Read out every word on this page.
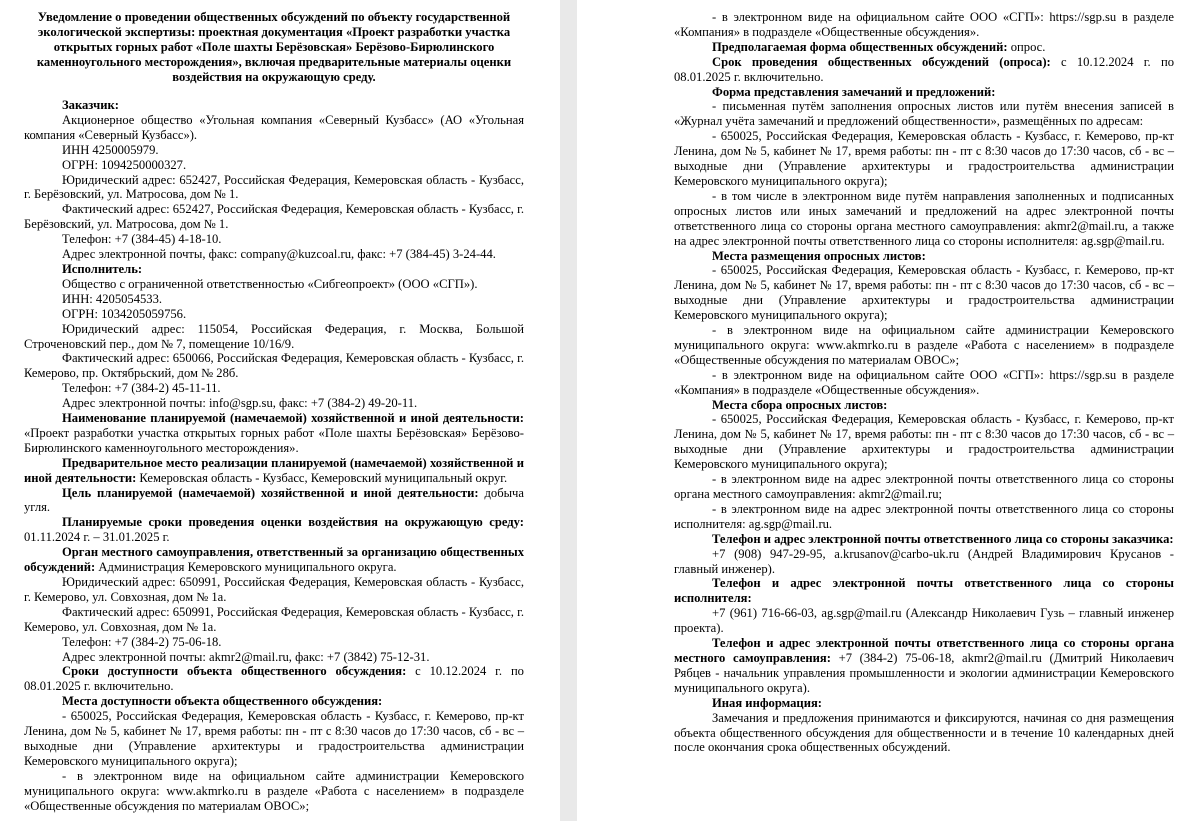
Уведомление о проведении общественных обсуждений по объекту государственной экологической экспертизы: проектная документация «Проект разработки участка открытых горных работ «Поле шахты Берёзовская» Берёзово-Бирюлинского каменноугольного месторождения», включая предварительные материалы оценки воздействия на окружающую среду.

Заказчик:

Акционерное общество «Угольная компания «Северный Кузбасс» (АО «Угольная компания «Северный Кузбасс»).

ИНН 4250005979.

ОГРН: 1094250000327.

Юридический адрес: 652427, Российская Федерация, Кемеровская область - Кузбасс, г. Берёзовский, ул. Матросова, дом № 1.

Фактический адрес: 652427, Российская Федерация, Кемеровская область - Кузбасс, г. Берёзовский, ул. Матросова, дом № 1.

Телефон: +7 (384-45) 4-18-10.

Адрес электронной почты, факс: company@kuzcoal.ru, факс: +7 (384-45) 3-24-44.

Исполнитель:

Общество с ограниченной ответственностью «Сибгеопроект» (ООО «СГП»).

ИНН: 4205054533.

ОГРН: 1034205059756.

Юридический адрес: 115054, Российская Федерация, г. Москва, Большой Строченовский пер., дом № 7, помещение 10/16/9.

Фактический адрес: 650066, Российская Федерация, Кемеровская область - Кузбасс, г. Кемерово, пр. Октябрьский, дом № 28б.

Телефон: +7 (384-2) 45-11-11.

Адрес электронной почты: info@sgp.su, факс: +7 (384-2) 49-20-11.

Наименование планируемой (намечаемой) хозяйственной и иной деятельности: «Проект разработки участка открытых горных работ «Поле шахты Берёзовская» Берёзово-Бирюлинского каменноугольного месторождения».

Предварительное место реализации планируемой (намечаемой) хозяйственной и иной деятельности: Кемеровская область - Кузбасс, Кемеровский муниципальный округ.

Цель планируемой (намечаемой) хозяйственной и иной деятельности: добыча угля.

Планируемые сроки проведения оценки воздействия на окружающую среду: 01.11.2024 г. – 31.01.2025 г.

Орган местного самоуправления, ответственный за организацию общественных обсуждений: Администрация Кемеровского муниципального округа.

Юридический адрес: 650991, Российская Федерация, Кемеровская область - Кузбасс, г. Кемерово, ул. Совхозная, дом № 1а.

Фактический адрес: 650991, Российская Федерация, Кемеровская область - Кузбасс, г. Кемерово, ул. Совхозная, дом № 1а.

Телефон: +7 (384-2) 75-06-18.

Адрес электронной почты: akmr2@mail.ru, факс: +7 (3842) 75-12-31.

Сроки доступности объекта общественного обсуждения: с 10.12.2024 г. по 08.01.2025 г. включительно.

Места доступности объекта общественного обсуждения:

- 650025, Российская Федерация, Кемеровская область - Кузбасс, г. Кемерово, пр-кт Ленина, дом № 5, кабинет № 17, время работы: пн - пт с 8:30 часов до 17:30 часов, сб - вс – выходные дни (Управление архитектуры и градостроительства администрации Кемеровского муниципального округа);

- в электронном виде на официальном сайте администрации Кемеровского муниципального округа: www.akmrko.ru в разделе «Работа с населением» в подразделе «Общественные обсуждения по материалам ОВОС»;

- в электронном виде на официальном сайте ООО «СГП»: https://sgp.su в разделе «Компания» в подразделе «Общественные обсуждения».

Предполагаемая форма общественных обсуждений: опрос.

Срок проведения общественных обсуждений (опроса): с 10.12.2024 г. по 08.01.2025 г. включительно.

Форма представления замечаний и предложений:

- письменная путём заполнения опросных листов или путём внесения записей в «Журнал учёта замечаний и предложений общественности», размещённых по адресам:

- 650025, Российская Федерация, Кемеровская область - Кузбасс, г. Кемерово, пр-кт Ленина, дом № 5, кабинет № 17, время работы: пн - пт с 8:30 часов до 17:30 часов, сб - вс – выходные дни (Управление архитектуры и градостроительства администрации Кемеровского муниципального округа);

- в том числе в электронном виде путём направления заполненных и подписанных опросных листов или иных замечаний и предложений на адрес электронной почты ответственного лица со стороны органа местного самоуправления: akmr2@mail.ru, а также на адрес электронной почты ответственного лица со стороны исполнителя: ag.sgp@mail.ru.

Места размещения опросных листов:

- 650025, Российская Федерация, Кемеровская область - Кузбасс, г. Кемерово, пр-кт Ленина, дом № 5, кабинет № 17, время работы: пн - пт с 8:30 часов до 17:30 часов, сб - вс – выходные дни (Управление архитектуры и градостроительства администрации Кемеровского муниципального округа);

- в электронном виде на официальном сайте администрации Кемеровского муниципального округа: www.akmrko.ru в разделе «Работа с населением» в подразделе «Общественные обсуждения по материалам ОВОС»;

- в электронном виде на официальном сайте ООО «СГП»: https://sgp.su в разделе «Компания» в подразделе «Общественные обсуждения».

Места сбора опросных листов:

- 650025, Российская Федерация, Кемеровская область - Кузбасс, г. Кемерово, пр-кт Ленина, дом № 5, кабинет № 17, время работы: пн - пт с 8:30 часов до 17:30 часов, сб - вс – выходные дни (Управление архитектуры и градостроительства администрации Кемеровского муниципального округа);

- в электронном виде на адрес электронной почты ответственного лица со стороны органа местного самоуправления: akmr2@mail.ru;

- в электронном виде на адрес электронной почты ответственного лица со стороны исполнителя: ag.sgp@mail.ru.

Телефон и адрес электронной почты ответственного лица со стороны заказчика:

+7 (908) 947-29-95, a.krusanov@carbo-uk.ru (Андрей Владимирович Крусанов - главный инженер).

Телефон и адрес электронной почты ответственного лица со стороны исполнителя:

+7 (961) 716-66-03, ag.sgp@mail.ru (Александр Николаевич Гузь – главный инженер проекта).

Телефон и адрес электронной почты ответственного лица со стороны органа местного самоуправления: +7 (384-2) 75-06-18, akmr2@mail.ru (Дмитрий Николаевич Рябцев - начальник управления промышленности и экологии администрации Кемеровского муниципального округа).

Иная информация:

Замечания и предложения принимаются и фиксируются, начиная со дня размещения объекта общественного обсуждения для общественности и в течение 10 календарных дней после окончания срока общественных обсуждений.
